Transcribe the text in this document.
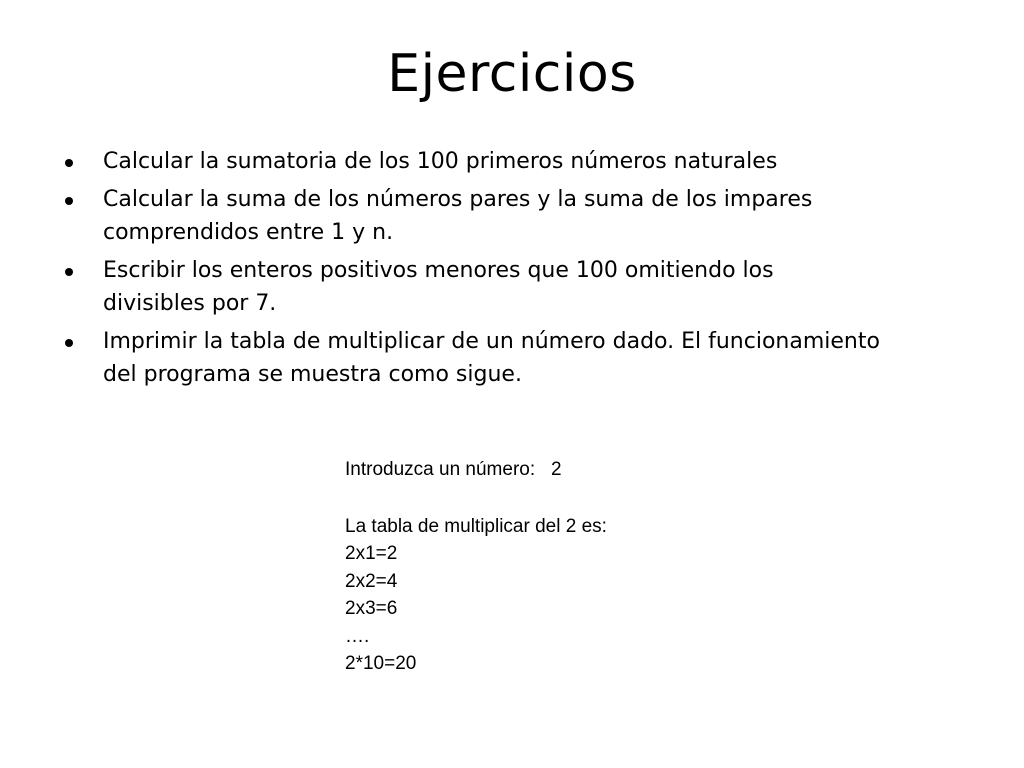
Ejercicios
Calcular la sumatoria de los 100 primeros números naturales
Calcular la suma de los números pares y la suma de los impares comprendidos entre 1 y n.
Escribir los enteros positivos menores que 100 omitiendo los divisibles por 7.
Imprimir la tabla de multiplicar de un número dado. El funcionamiento del programa se muestra como sigue.
Introduzca un número:   2
La tabla de multiplicar del 2 es:
2x1=2
2x2=4
2x3=6
….
2*10=20
